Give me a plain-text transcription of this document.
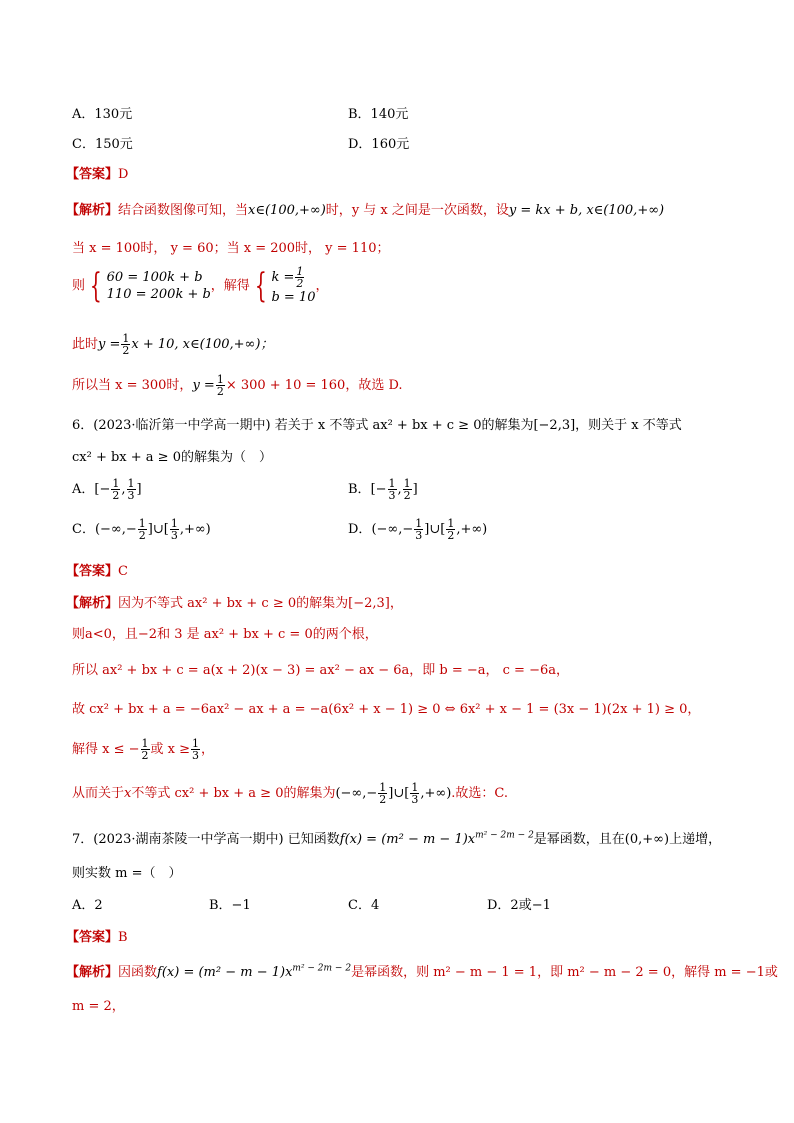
A．130元	B．140元
C．150元	D．160元
【答案】D
【解析】结合函数图像可知，当x∈(100,+∞)时，y 与 x 之间是一次函数，设y = kx + b, x∈(100,+∞)
当 x = 100时， y = 60；当 x = 200时， y = 110；
则 { 60 = 100k + b
110 = 200k + b
，解得 { $k = \frac{1}{2}$
b = 10
，
此时$y = \frac{1}{2}$ x + 10, x∈(100,+∞)；
所以当 x = 300时，$y = \frac{1}{2} \times 300 + 10 = 160$，故选 D.
6．(2023·临沂第一中学高一期中) 若关于 x 不等式 ax² + bx + c ≥ 0的解集为[−2,3]，则关于 x 不等式
cx² + bx + a ≥ 0的解集为（　）
A．[− $\frac{1}{2}$ , $\frac{1}{3}$ ]	B．[− $\frac{1}{3}$ , $\frac{1}{2}$ ]
C．(−∞,− $\frac{1}{2}$ ]∪[ $\frac{1}{3}$ ,+∞)	D．(−∞,− $\frac{1}{3}$ ]∪[ $\frac{1}{2}$ ,+∞)
【答案】C
【解析】因为不等式 ax² + bx + c ≥ 0的解集为[−2,3]，
则a<0，且−2和 3 是 ax² + bx + c = 0的两个根，
所以 ax² + bx + c = a(x + 2)(x − 3) = ax² − ax − 6a，即 b = −a， c = −6a，
故 cx² + bx + a = −6ax² − ax + a = −a(6x² + x − 1) ≥ 0 ⇔ 6x² + x − 1 = (3x − 1)(2x + 1) ≥ 0，
解得 x ≤ − $\frac{1}{2}$ 或 $x \ge \frac{1}{3}$ ，
从而关于x不等式 cx² + bx + a ≥ 0的解集为(−∞,− $\frac{1}{2}$ ]∪[ $\frac{1}{3}$ ,+∞).故选：C.
7．(2023·湖南茶陵一中学高一期中) 已知函数$f(x) = (m^2 - m - 1)x^{m^2 - 2m - 2}$是幂函数，且在(0,+∞)上递增，
则实数 m =（　）
A．2	B．−1	C．4	D．2或−1
【答案】B
【解析】因函数$f(x) = (m^2 - m - 1)x^{m^2 - 2m - 2}$是幂函数，则 m² − m − 1 = 1，即 m² − m − 2 = 0，解得 m = −1或
m = 2，
